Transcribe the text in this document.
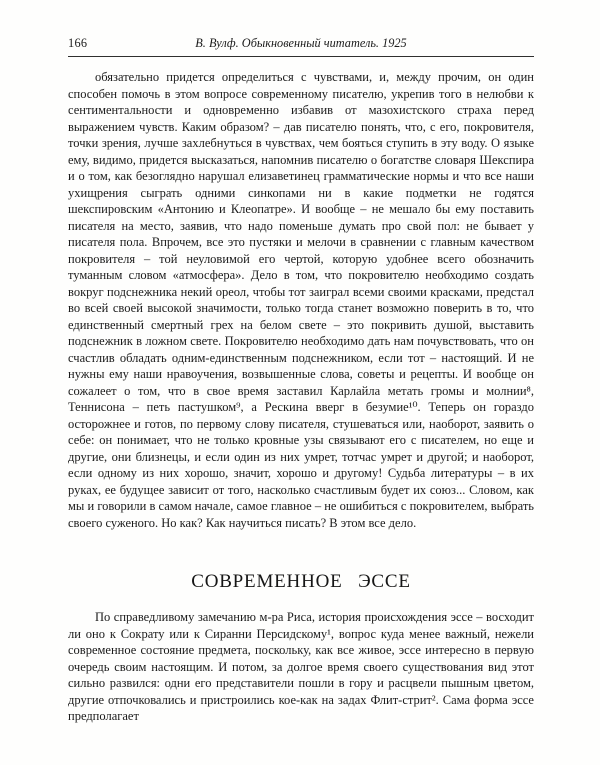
166	В. Вулф. Обыкновенный читатель. 1925

обязательно придется определиться с чувствами, и, между прочим, он один способен помочь в этом вопросе современному писателю, укрепив того в нелюбви к сентиментальности и одновременно избавив от мазохистского страха перед выражением чувств. Каким образом? – дав писателю понять, что, с его, покровителя, точки зрения, лучше захлебнуться в чувствах, чем бояться ступить в эту воду. О языке ему, видимо, придется высказаться, напомнив писателю о богатстве словаря Шекспира и о том, как безоглядно нарушал елизаветинец грамматические нормы и что все наши ухищрения сыграть одними синкопами ни в какие подметки не годятся шекспировским «Антонию и Клеопатре». И вообще – не мешало бы ему поставить писателя на место, заявив, что надо поменьше думать про свой пол: не бывает у писателя пола. Впрочем, все это пустяки и мелочи в сравнении с главным качеством покровителя – той неуловимой его чертой, которую удобнее всего обозначить туманным словом «атмосфера». Дело в том, что покровителю необходимо создать вокруг подснежника некий ореол, чтобы тот заиграл всеми своими красками, предстал во всей своей высокой значимости, только тогда станет возможно поверить в то, что единственный смертный грех на белом свете – это покривить душой, выставить подснежник в ложном свете. Покровителю необходимо дать нам почувствовать, что он счастлив обладать одним-единственным подснежником, если тот – настоящий. И не нужны ему наши нравоучения, возвышенные слова, советы и рецепты. И вообще он сожалеет о том, что в свое время заставил Карлайла метать громы и молнии⁸, Теннисона – петь пастушком⁹, а Рескина вверг в безумие¹⁰. Теперь он гораздо осторожнее и готов, по первому слову писателя, стушеваться или, наоборот, заявить о себе: он понимает, что не только кровные узы связывают его с писателем, но еще и другие, они близнецы, и если один из них умрет, тотчас умрет и другой; и наоборот, если одному из них хорошо, значит, хорошо и другому! Судьба литературы – в их руках, ее будущее зависит от того, насколько счастливым будет их союз... Словом, как мы и говорили в самом начале, самое главное – не ошибиться с покровителем, выбрать своего суженого. Но как? Как научиться писать? В этом все дело.

СОВРЕМЕННОЕ ЭССЕ

По справедливому замечанию м-ра Риса, история происхождения эссе – восходит ли оно к Сократу или к Сиранни Персидскому¹, вопрос куда менее важный, нежели современное состояние предмета, поскольку, как все живое, эссе интересно в первую очередь своим настоящим. И потом, за долгое время своего существования вид этот сильно развился: одни его представители пошли в гору и расцвели пышным цветом, другие отпочковались и пристроились кое-как на задах Флит-стрит². Сама форма эссе предполагает
